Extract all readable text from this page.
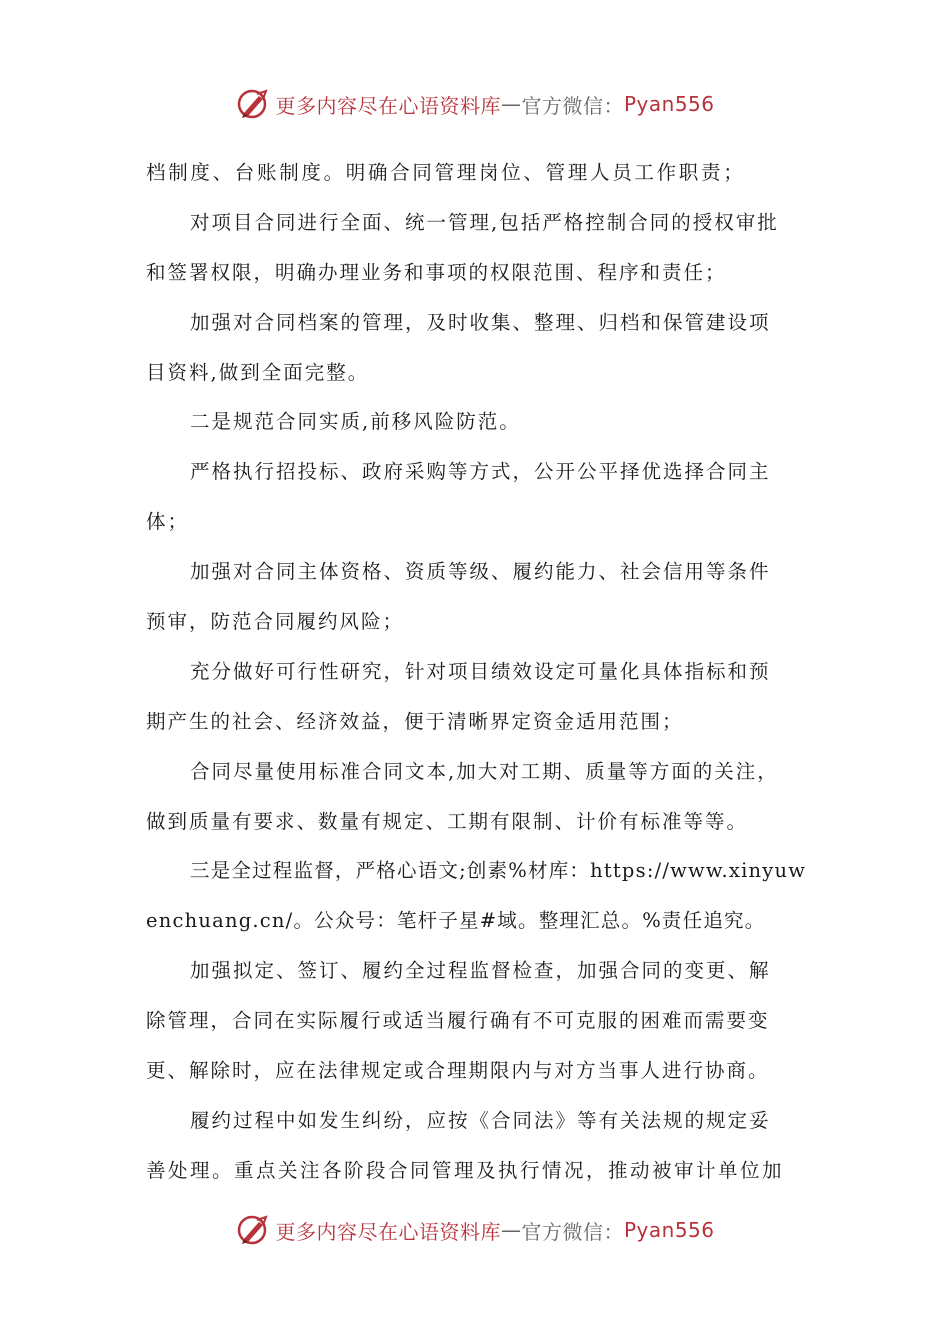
更多内容尽在心语资料库 — 官方微信： Pyan556
档制度、台账制度。明确合同管理岗位、管理人员工作职责；
对项目合同进行全面、统一管理,包括严格控制合同的授权审批
和签署权限，明确办理业务和事项的权限范围、程序和责任；
加强对合同档案的管理，及时收集、整理、归档和保管建设项
目资料,做到全面完整。
二是规范合同实质,前移风险防范。
严格执行招投标、政府采购等方式，公开公平择优选择合同主
体；
加强对合同主体资格、资质等级、履约能力、社会信用等条件
预审，防范合同履约风险；
充分做好可行性研究，针对项目绩效设定可量化具体指标和预
期产生的社会、经济效益，便于清晰界定资金适用范围；
合同尽量使用标准合同文本,加大对工期、质量等方面的关注，
做到质量有要求、数量有规定、工期有限制、计价有标准等等。
三是全过程监督，严格心语文;创素%材库：https://www.xinyuw
enchuang.cn/。公众号：笔杆子星#域。整理汇总。%责任追究。
加强拟定、签订、履约全过程监督检查，加强合同的变更、解
除管理，合同在实际履行或适当履行确有不可克服的困难而需要变
更、解除时，应在法律规定或合理期限内与对方当事人进行协商。
履约过程中如发生纠纷，应按《合同法》等有关法规的规定妥
善处理。重点关注各阶段合同管理及执行情况，推动被审计单位加
更多内容尽在心语资料库 — 官方微信： Pyan556
